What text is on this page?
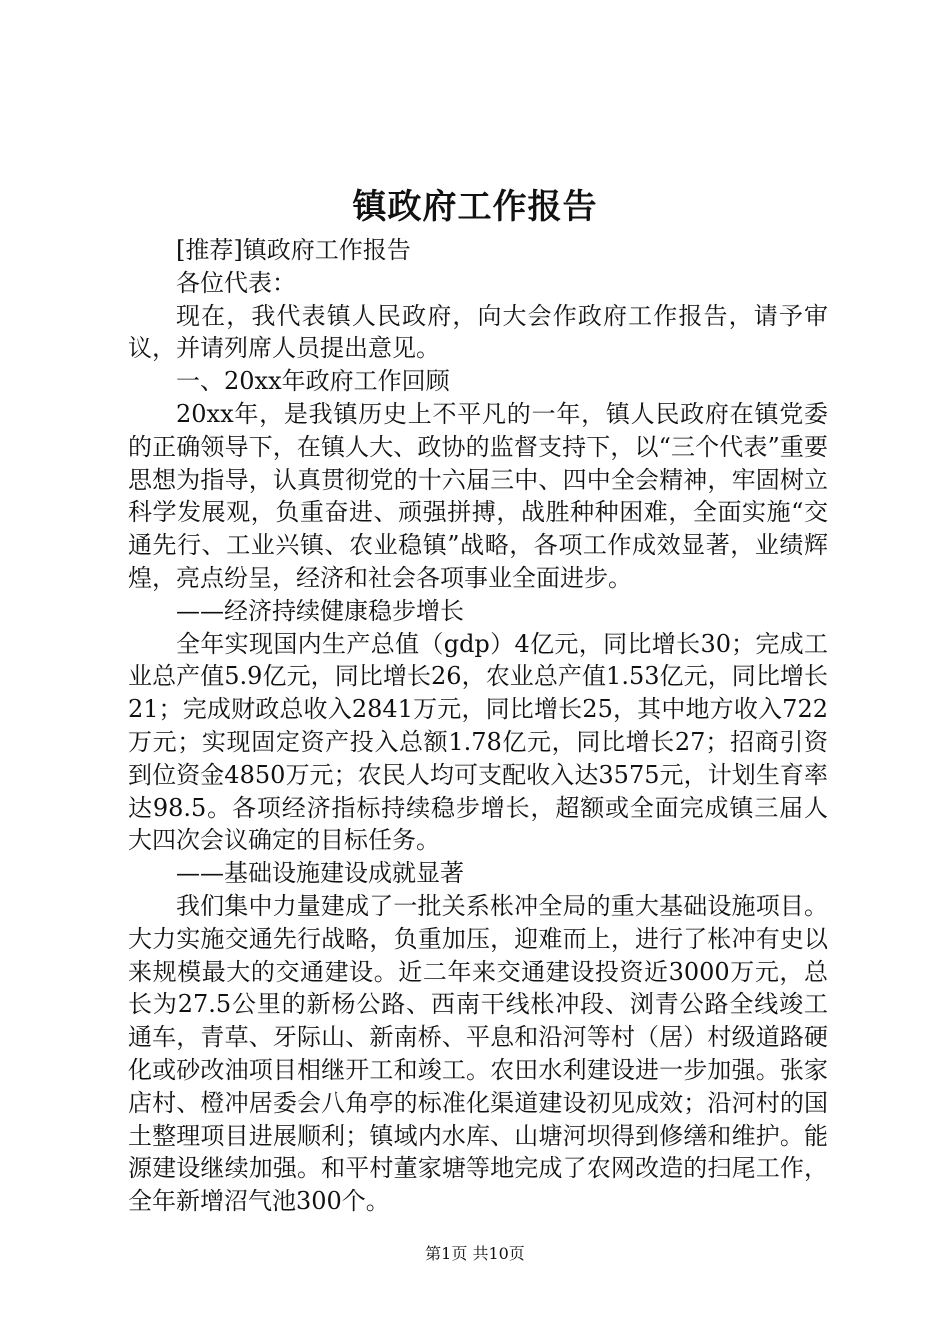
镇政府工作报告

[推荐]镇政府工作报告

各位代表：

现在，我代表镇人民政府，向大会作政府工作报告，请予审议，并请列席人员提出意见。

一、20xx年政府工作回顾

20xx年，是我镇历史上不平凡的一年，镇人民政府在镇党委的正确领导下，在镇人大、政协的监督支持下，以“三个代表”重要思想为指导，认真贯彻党的十六届三中、四中全会精神，牢固树立科学发展观，负重奋进、顽强拼搏，战胜种种困难，全面实施“交通先行、工业兴镇、农业稳镇”战略，各项工作成效显著，业绩辉煌，亮点纷呈，经济和社会各项事业全面进步。

——经济持续健康稳步增长

全年实现国内生产总值（gdp）4亿元，同比增长30；完成工业总产值5.9亿元，同比增长26，农业总产值1.53亿元，同比增长21；完成财政总收入2841万元，同比增长25，其中地方收入722万元；实现固定资产投入总额1.78亿元，同比增长27；招商引资到位资金4850万元；农民人均可支配收入达3575元，计划生育率达98.5。各项经济指标持续稳步增长，超额或全面完成镇三届人大四次会议确定的目标任务。

——基础设施建设成就显著

我们集中力量建成了一批关系枨冲全局的重大基础设施项目。大力实施交通先行战略，负重加压，迎难而上，进行了枨冲有史以来规模最大的交通建设。近二年来交通建设投资近3000万元，总长为27.5公里的新杨公路、西南干线枨冲段、浏青公路全线竣工通车，青草、牙际山、新南桥、平息和沿河等村（居）村级道路硬化或砂改油项目相继开工和竣工。农田水利建设进一步加强。张家店村、橙冲居委会八角亭的标准化渠道建设初见成效；沿河村的国土整理项目进展顺利；镇域内水库、山塘河坝得到修缮和维护。能源建设继续加强。和平村董家塘等地完成了农网改造的扫尾工作，全年新增沼气池300个。

第1页 共10页
